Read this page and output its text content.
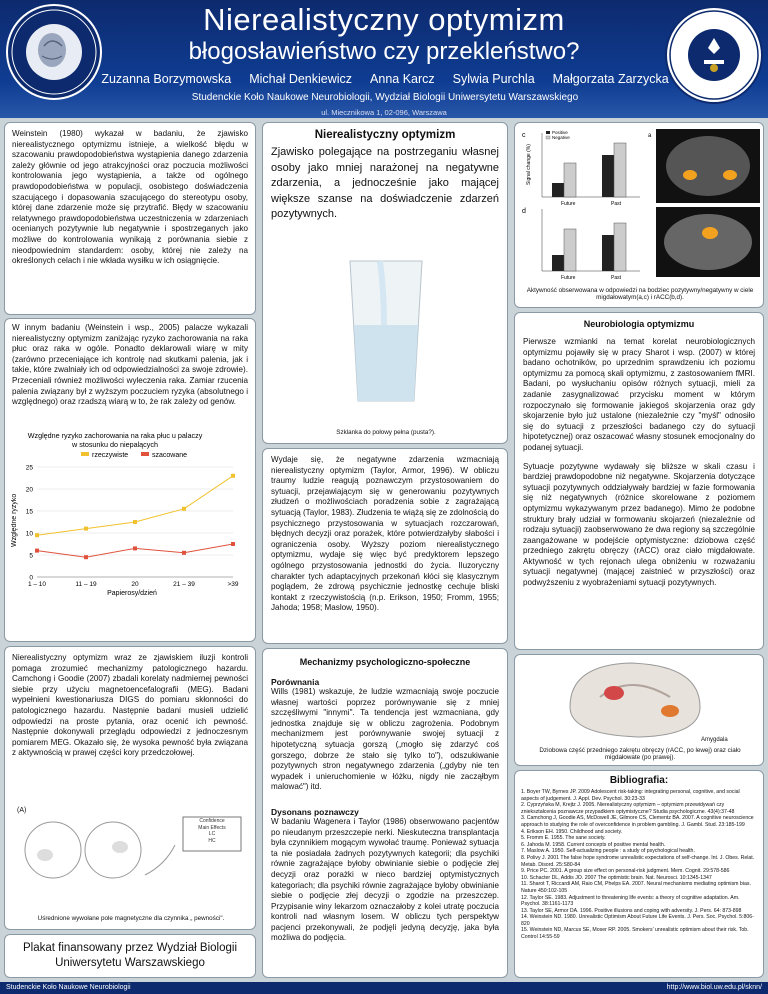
Nierealistyczny optymizm
błogosławieństwo czy przekleństwo?
Zuzanna Borzymowska Michał Denkiewicz Anna Karcz Sylwia Purchla Małgorzata Zarzycka
Studenckie Koło Naukowe Neurobiologii, Wydział Biologii Uniwersytetu Warszawskiego
ul. Miecznikowa 1, 02-096, Warszawa
Weinstein (1980) wykazał w badaniu, że zjawisko nierealistycznego optymizmu istnieje, a wielkość błędu w szacowaniu prawdopodobieństwa wystąpienia danego zdarzenia zależy głównie od jego atrakcyjności oraz poczucia możliwości kontrolowania jego wystąpienia, a także od ogólnego prawdopodobieństwa w populacji, osobistego doświadczenia szacującego i dopasowania szacującego do stereotypu osoby, której dane zdarzenie może się przytrafić. Błędy w szacowaniu relatywnego prawdopodobieństwa uczestniczenia w zdarzeniach ocenianych pozytywnie lub negatywnie i spostrzeganych jako możliwe do kontrolowania wynikają z porównania siebie z nieodpowiednim standardem: osoby, której nie zależy na określonych celach i nie wkłada wysiłku w ich osiągnięcie.
W innym badaniu (Weinstein i wsp., 2005) palacze wykazali nierealistyczny optymizm zaniżając ryzyko zachorowania na raka płuc oraz raka w ogóle. Ponadto deklarowali wiarę w mity (zarówno przeceniające ich kontrolę nad skutkami palenia, jak i takie, które zwalniały ich od odpowiedzialności za swoje zdrowie). Przeceniali również możliwości wyleczenia raka. Zamiar rzucenia palenia związany był z wyższym poczuciem ryzyka (absolutnego i względnego) oraz rzadszą wiarą w to, że rak zależy od genów.
Względne ryzyko zachorowania na raka płuc u palaczy
w stosunku do niepalących
rzeczywiste	szacowane
Względne ryzyko
Papierosy/dzień
0
5
10
15
20
25
1 – 10	11 – 19	20	21 – 39	>39
Nierealistyczny optymizm wraz ze zjawiskiem iluzji kontroli pomaga zrozumieć mechanizmy patologicznego hazardu. Camchong i Goodie (2007) zbadali korelaty nadmiernej pewności siebie przy użyciu magnetoencefalografii (MEG). Badani wypełnieni kwestionariusza DIGS do pomiaru skłonności do patologicznego hazardu. Następnie badani musieli udzielić odpowiedzi na proste pytania, oraz ocenić ich pewność. Następnie dokonywali przeglądu odpowiedzi z jednoczesnym pomiarem MEG. Okazało się, że wysoka pewność była związana z aktywnością w prawej części kory przedczołowej.
(A)
Confidence
Main Effects
LC
HC
Uśrednione wywołane pole magnetyczne dla czynnika „ pewności".
Plakat finansowany przez Wydział Biologii Uniwersytetu Warszawskiego
Nierealistyczny optymizm
Zjawisko polegające na postrzeganiu własnej osoby jako mniej narażonej na negatywne zdarzenia, a jednocześnie jako mającej większe szanse na doświadczenie zdarzeń pozytywnych.
Szklanka do połowy pełna (pusta?).
Wydaje się, że negatywne zdarzenia wzmacniają nierealistyczny optymizm (Taylor, Armor, 1996). W obliczu traumy ludzie reagują poznawczym przystosowaniem do sytuacji, przejawiającym się w generowaniu pozytywnych złudzeń o możliwościach poradzenia sobie z zagrażającą sytuacją (Taylor, 1983). Złudzenia te wiążą się ze zdolnością do psychicznego przystosowania w sytuacjach rozczarowań, błędnych decyzji oraz porażek, które potwierdzałyby słabości i ograniczenia osoby. Wyższy poziom nierealistycznego optymizmu, wydaje się więc być predyktorem lepszego ogólnego przystosowania jednostki do życia. Iluzoryczny charakter tych adaptacyjnych przekonań kłóci się klasycznym poglądem, że zdrową psychicznie jednostkę cechuje bliski kontakt z rzeczywistością (n.p. Erikson, 1950; Fromm, 1955; Jahoda; 1958; Maslow, 1950).
Mechanizmy psychologiczno-społeczne
Porównania
Wills (1981) wskazuje, że ludzie wzmacniają swoje poczucie własnej wartości poprzez porównywanie się z mniej szczęśliwymi "innymi". Ta tendencja jest wzmacniana, gdy jednostka znajduje się w obliczu zagrożenia. Podobnym mechanizmem jest porównywanie swojej sytuacji z hipotetyczną sytuacja gorszą („mogło się zdarzyć coś gorszego, dobrze że stało się tylko to"), odszukiwanie pozytywnych stron negatywnego zdarzenia („gdyby nie ten wypadek i unieruchomienie w łóżku, nigdy nie zacząłbym malować") itd.
Dysonans poznawczy
W badaniu Wagenera i Taylor (1986) obserwowano pacjentów po nieudanym przeszczepie nerki. Nieskuteczna transplantacja była czynnikiem mogącym wywołać traumę. Ponieważ sytuacja ta nie posiadała żadnych pozytywnych kategorii; dla psychiki równie zagrażające byłoby obwinianie siebie o podjęcie złej decyzji oraz porażki w nieco bardziej optymistycznych kategoriach; dla psychiki równie zagrażające byłoby obwinianie siebie o podjęcie złej decyzji o zgodzie na przeszczep. Przypisanie winy lekarzom oznaczałoby z kolei utratę poczucia kontroli nad własnym losem. W obliczu tych perspektyw pacjenci przekonywali, że podjęli jedyną decyzję, jaka była możliwa do podjęcia.
c
d
Signal change (%)
Future	Past
Positive
Negative
Future	Past
a
Aktywność obserwowana w odpowiedzi na bodziec pozytywny/negatywny w ciele migdałowatym(a,c) i rACC(b,d).
Neurobiologia optymizmu
Pierwsze wzmianki na temat korelat neurobiologicznych optymizmu pojawiły się w pracy Sharot i wsp. (2007) w której badano ochotników, po uprzednim sprawdzeniu ich poziomu optymizmu za pomocą skali optymizmu, z zastosowaniem fMRI. Badani, po wysłuchaniu opisów różnych sytuacji, mieli za zadanie zasygnalizować przycisku moment w którym rozpoczynało się formowanie jakiegoś skojarzenia oraz gdy skojarzenie było już ustalone (niezależnie czy "myśl" odnosiło się do sytuacji z przeszłości badanego czy do sytuacji hipotetycznej) oraz oszacować własny stosunek emocjonalny do podanej sytuacji.
Sytuacje pozytywne wydawały się bliższe w skali czasu i bardziej prawdopodobne niż negatywne. Skojarzenia dotyczące sytuacji pozytywnych oddziaływały bardziej w fazie formowania się niż negatywnych (różnice skorelowane z poziomem optymizmu wykazywanym przez badanego). Mimo że podobne struktury brały udział w formowaniu skojarzeń (niezależnie od rodzaju sytuacji) zaobserwowano że dwa regiony są szczególnie zaangażowane w podejście optymistyczne: dziobowa część przedniego zakrętu obręczy (rACC) oraz ciało migdałowate. Aktywność w tych rejonach ulega obniżeniu w rozważaniu sytuacji negatywnej (mającej zaistnieć w przyszłości) oraz podwyższeniu z wyobrażeniami sytuacji pozytywnych.
Amygdala
Dziobowa część przedniego zakrętu obręczy (rACC, po lewej) oraz ciało migdałowate (po prawej).
Bibliografia:
1. Boyer TW, Byrnes JP. 2009 Adolescent risk-taking: integrating personal, cognitive, and social aspects of judgement. J. Appl. Dev. Psychol. 30:23-33
2. Cyprzyńska M, Krejtz J. 2005. Nierealistyczny optymizm – optymizm przewidywań czy zniekształcenia poznawcze przypadkiem optymistyczne? Studia psychologiczne. 43(4):37-48
3. Camchong J, Goodie AS, McDowell JE, Gilmore CS, Clementz BA. 2007. A cognitive neuroscience approach to studying the role of overconfidence in problem gambling. J. Gambl. Stud. 23:185-199
4. Erikson EH. 1950. Childhood and society.
5. Fromm E. 1955. The sane society.
6. Jahoda M. 1958. Current concepts of positive mental health.
7. Maslow A. 1950. Self-actualizing people : a study of psychological health.
8. Polivy J. 2001 The false hope syndrome unrealistic expectations of self-change. Int. J. Obes. Relat. Metab. Disord. 25:S80-84
9. Price PC. 2001. A group size effect on personal-risk judgment. Mem. Cognit. 29:578-586
10. Schacter DL, Addis JO. 2007 The optimistic brain. Nat. Neurosci. 10:1345-1347
11. Sharot T, Riccardi AM, Raio CM, Phelps EA. 2007. Neural mechanisms mediating optimism bias. Nature 450:102-105
12. Taylor SE. 1983. Adjustment to threatening life events: a theory of cognitive adaptation. Am. Psychol. 38:1161-1173
13. Taylor SE, Armor DA. 1996. Positive illusions and coping with adversity. J. Pers. 64: 873-898
14. Weinstein ND. 1980. Unrealistic Optimism About Future Life Events. J. Pers. Soc. Psychol. 5:806-820
15. Weinstein ND, Marcus SE, Moser RP. 2005. Smokers' unrealistic optimism about their risk. Tob. Control 14:55-59
Studenckie Koło Naukowe Neurobiologii	http://www.biol.uw.edu.pl/sknn/
